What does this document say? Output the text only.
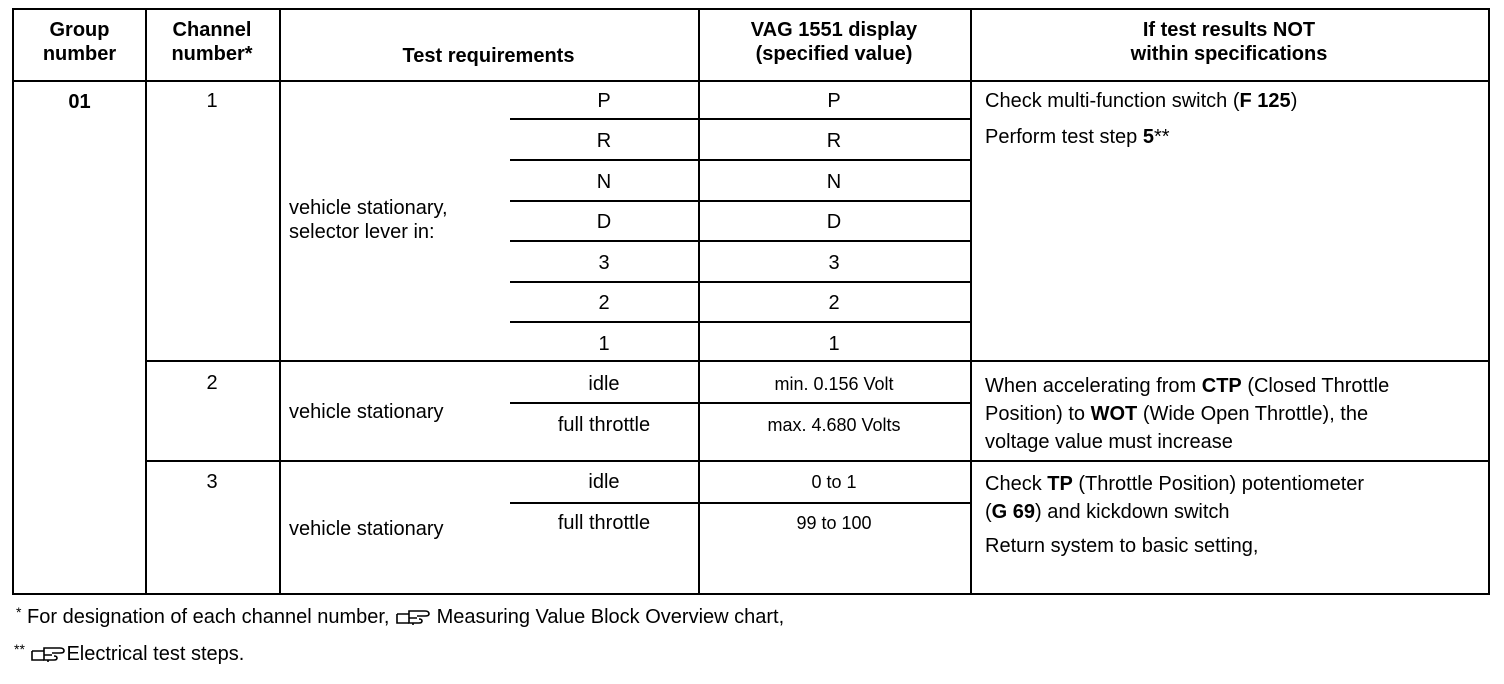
Group
number
Channel
number*	Test requirements
VAG 1551 display
(specified value)
If test results NOT
within specifications
01	1
vehicle stationary,
selector lever in:
P
R
N
D
3
2
1
P
R
N
D
3
2
1
Check multi-function switch (F 125)
Perform test step 5**
2
vehicle stationary
idle
full throttle
min. 0.156 Volt
max. 4.680 Volts
When accelerating from CTP (Closed Throttle
Position) to WOT (Wide Open Throttle), the
voltage value must increase
3
vehicle stationary
idle
full throttle
0 to 1
99 to 100
Check TP (Throttle Position) potentiometer
(G 69) and kickdown switch
Return system to basic setting,
* For designation of each channel number, Measuring Value Block Overview chart,
** Electrical test steps.
